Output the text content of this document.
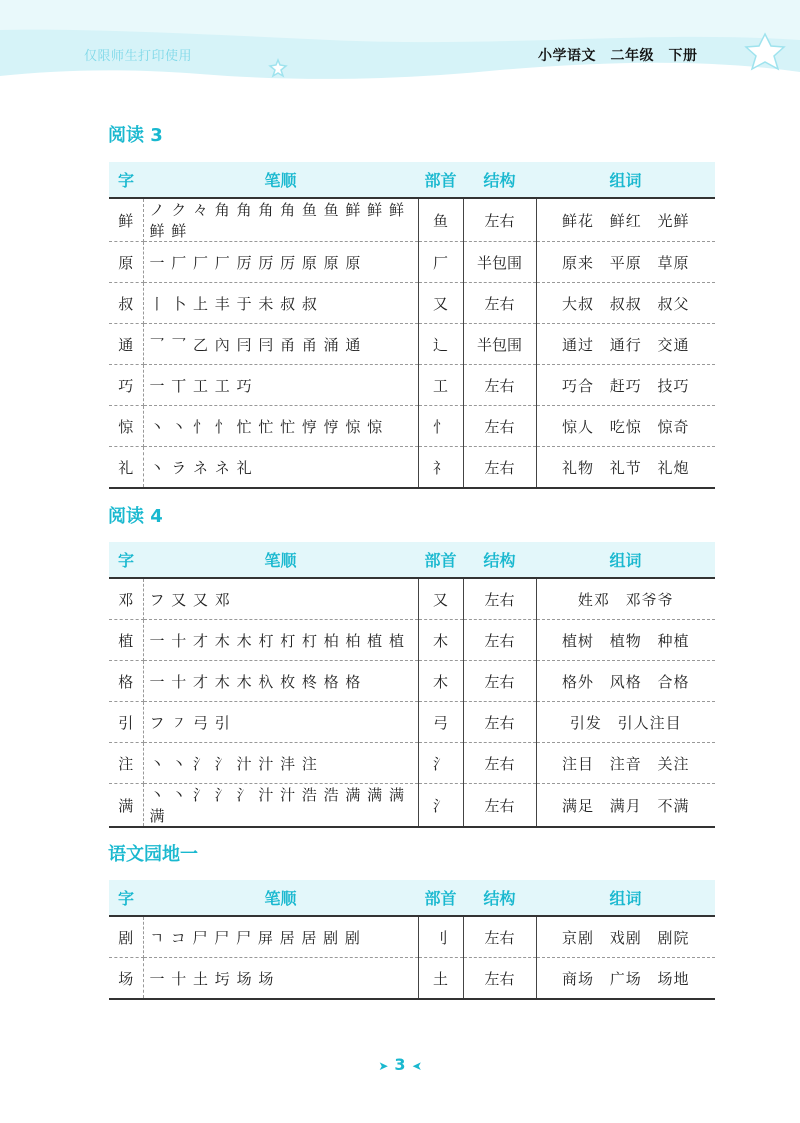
仅限师生打印使用	小学语文　二年级　下册
阅读 3
字	笔顺	部首	结构	组词
鲜	ノ ク 々 角 角 角 角 鱼 鱼 鲜 鲜 鲜 鲜 鲜	鱼	左右	鲜花 鲜红 光鲜
原	一 厂 厂 厂 厉 厉 厉 原 原 原	厂	半包围	原来 平原 草原
叔	丨 卜 上 丰 于 未 叔 叔	又	左右	大叔 叔叔 叔父
通	乛 乛 乙 內 冃 冃 甬 甬 涌 通	辶	半包围	通过 通行 交通
巧	一 丅 工 工 巧	工	左右	巧合 赶巧 技巧
惊	丶 丶 忄 忄 忙 忙 忙 悙 悙 惊 惊	忄	左右	惊人 吃惊 惊奇
礼	丶 ラ ネ ネ 礼	礻	左右	礼物 礼节 礼炮
阅读 4
字	笔顺	部首	结构	组词
邓	フ 又 又 邓	又	左右	姓邓 邓爷爷
植	一 十 才 木 木 朾 朾 朾 柏 柏 植 植	木	左右	植树 植物 种植
格	一 十 才 木 木 杁 枚 柊 格 格	木	左右	格外 风格 合格
引	フ ㇇ 弓 引	弓	左右	引发 引人注目
注	丶 丶 氵 氵 汁 汁 沣 注	氵	左右	注目 注音 关注
满	丶 丶 氵 氵 氵 汁 汁 浩 浩 满 满 满 满	氵	左右	满足 满月 不满
语文园地一
字	笔顺	部首	结构	组词
剧	ㄱ コ 尸 尸 尸 屏 居 居 剧 剧	刂	左右	京剧 戏剧 剧院
场	一 十 土 圬 场 场	土	左右	商场 广场 场地
➤ 3 ➤
